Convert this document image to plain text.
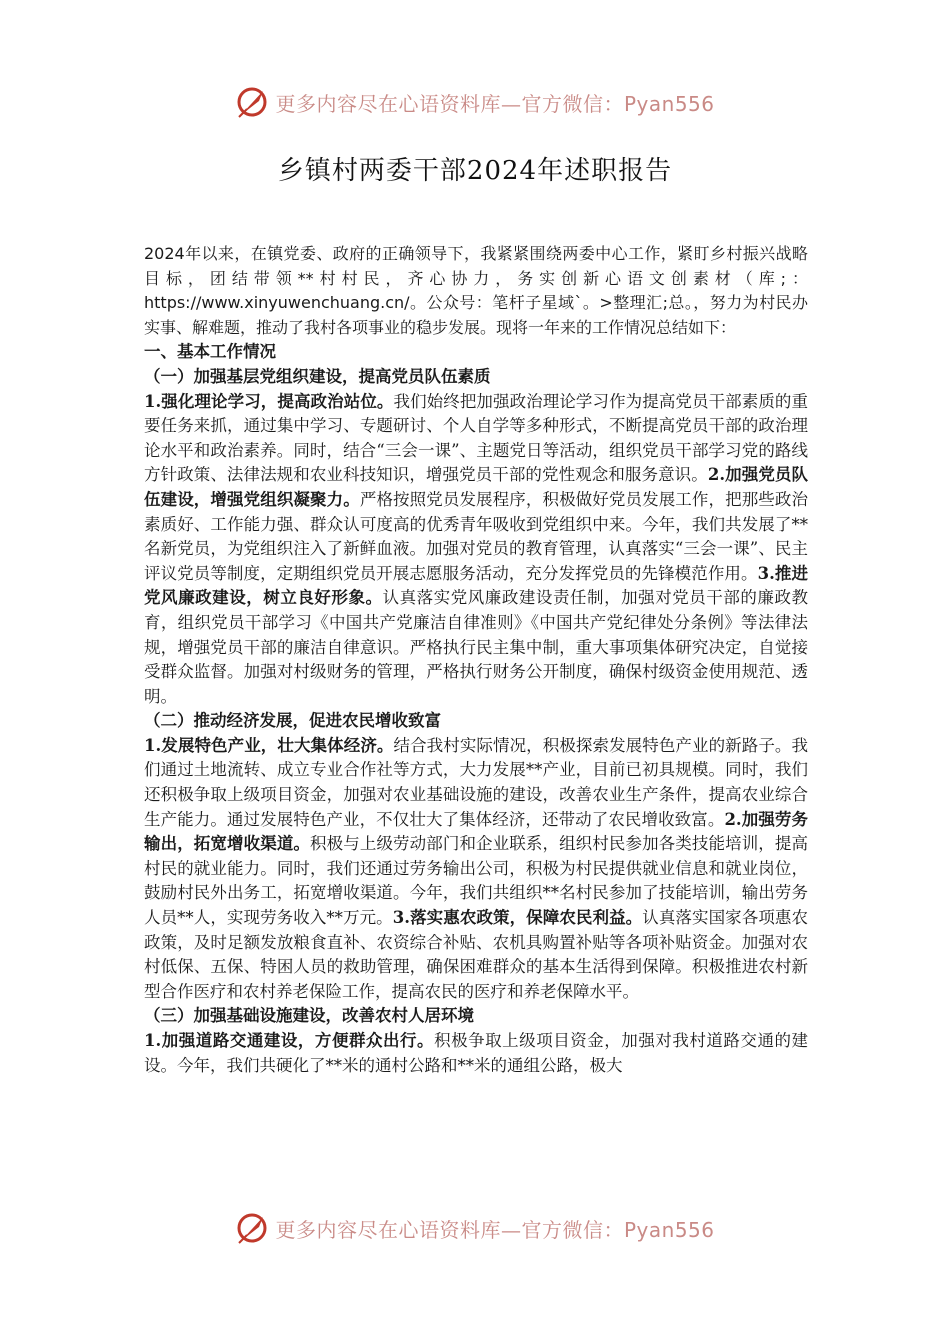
更多内容尽在心语资料库—官方微信：Pyan556
乡镇村两委干部2024年述职报告

2024年以来，在镇党委、政府的正确领导下，我紧紧围绕两委中心工作，紧盯乡村振兴战略目标，团结带领**村村民，齐心协力，务实创新心语文创素材（库;： https://www.xinyuwenchuang.cn/。公众号：笔杆子星域`。>整理汇;总。，努力为村民办实事、解难题，推动了我村各项事业的稳步发展。现将一年来的工作情况总结如下：

一、基本工作情况

（一）加强基层党组织建设，提高党员队伍素质

1.强化理论学习，提高政治站位。我们始终把加强政治理论学习作为提高党员干部素质的重要任务来抓，通过集中学习、专题研讨、个人自学等多种形式，不断提高党员干部的政治理论水平和政治素养。同时，结合“三会一课”、主题党日等活动，组织党员干部学习党的路线方针政策、法律法规和农业科技知识，增强党员干部的党性观念和服务意识。2.加强党员队伍建设，增强党组织凝聚力。严格按照党员发展程序，积极做好党员发展工作，把那些政治素质好、工作能力强、群众认可度高的优秀青年吸收到党组织中来。今年，我们共发展了**名新党员，为党组织注入了新鲜血液。加强对党员的教育管理，认真落实“三会一课”、民主评议党员等制度，定期组织党员开展志愿服务活动，充分发挥党员的先锋模范作用。3.推进党风廉政建设，树立良好形象。认真落实党风廉政建设责任制，加强对党员干部的廉政教育，组织党员干部学习《中国共产党廉洁自律准则》《中国共产党纪律处分条例》等法律法规，增强党员干部的廉洁自律意识。严格执行民主集中制，重大事项集体研究决定，自觉接受群众监督。加强对村级财务的管理，严格执行财务公开制度，确保村级资金使用规范、透明。

（二）推动经济发展，促进农民增收致富

1.发展特色产业，壮大集体经济。结合我村实际情况，积极探索发展特色产业的新路子。我们通过土地流转、成立专业合作社等方式，大力发展**产业，目前已初具规模。同时，我们还积极争取上级项目资金，加强对农业基础设施的建设，改善农业生产条件，提高农业综合生产能力。通过发展特色产业，不仅壮大了集体经济，还带动了农民增收致富。2.加强劳务输出，拓宽增收渠道。积极与上级劳动部门和企业联系，组织村民参加各类技能培训，提高村民的就业能力。同时，我们还通过劳务输出公司，积极为村民提供就业信息和就业岗位，鼓励村民外出务工，拓宽增收渠道。今年，我们共组织**名村民参加了技能培训，输出劳务人员**人，实现劳务收入**万元。3.落实惠农政策，保障农民利益。认真落实国家各项惠农政策，及时足额发放粮食直补、农资综合补贴、农机具购置补贴等各项补贴资金。加强对农村低保、五保、特困人员的救助管理，确保困难群众的基本生活得到保障。积极推进农村新型合作医疗和农村养老保险工作，提高农民的医疗和养老保障水平。

（三）加强基础设施建设，改善农村人居环境

1.加强道路交通建设，方便群众出行。积极争取上级项目资金，加强对我村道路交通的建设。今年，我们共硬化了**米的通村公路和**米的通组公路，极大

更多内容尽在心语资料库—官方微信：Pyan556
